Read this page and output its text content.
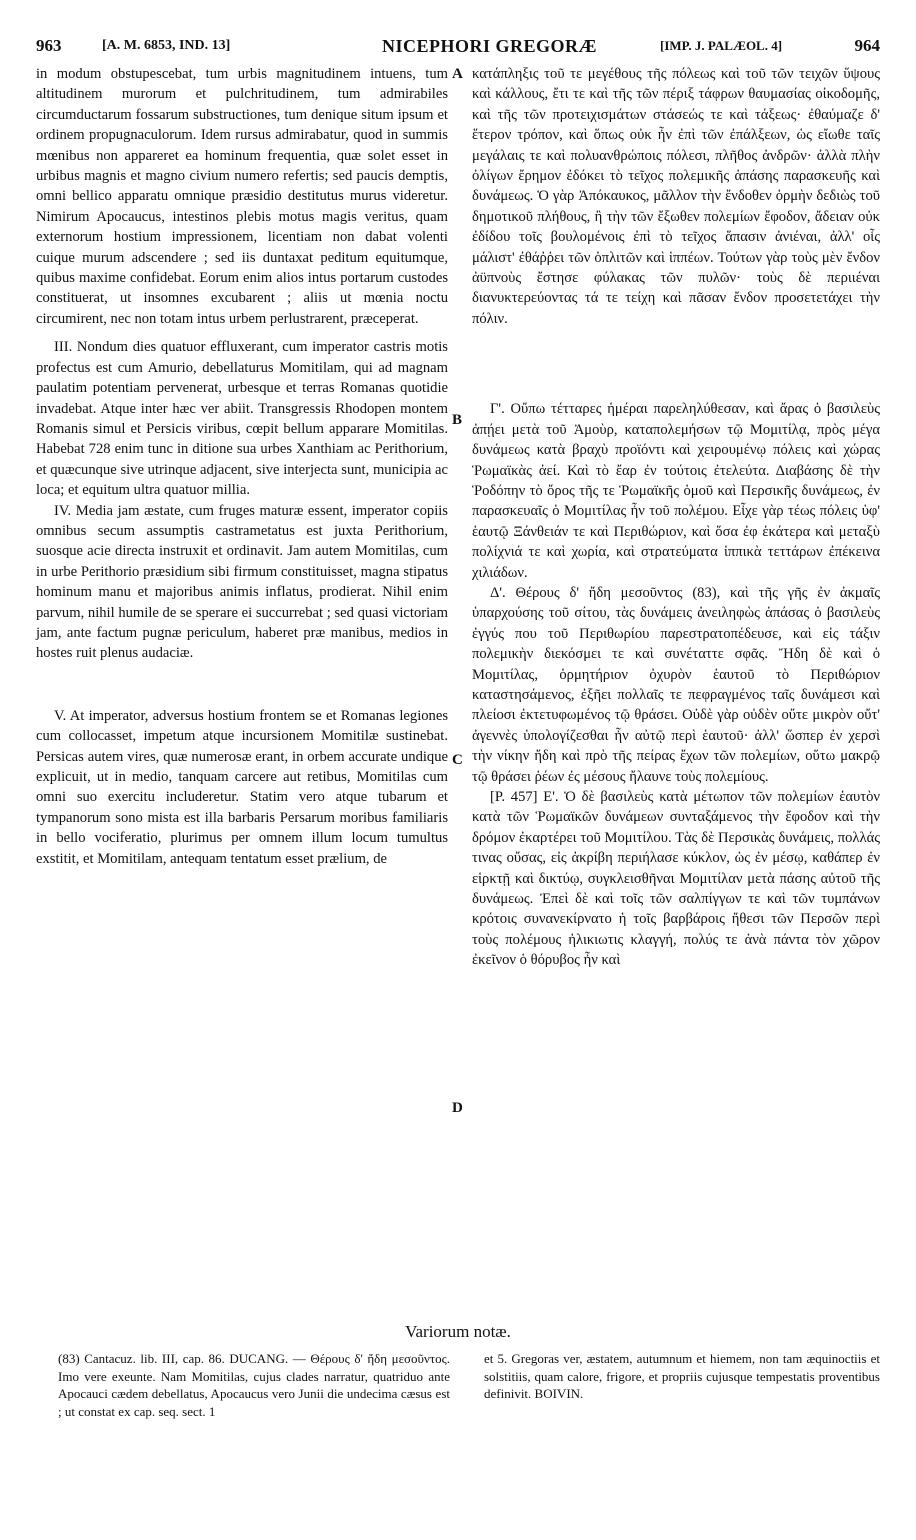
963	[A. M. 6853, IND. 13]	NICEPHORI GREGORÆ	[IMP. J. PALÆOL. 4]	964

in modum obstupescebat, tum urbis magnitudinem intuens, tum altitudinem murorum et pulchritudinem, tum admirabiles circumductarum fossarum substructiones, tum denique situm ipsum et ordinem propugnaculorum. Idem rursus admirabatur, quod in summis mœnibus non appareret ea hominum frequentia, quæ solet esset in urbibus magnis et magno civium numero refertis; sed paucis demptis, omni bellico apparatu omnique præsidio destitutus murus videretur. Nimirum Apocaucus, intestinos plebis motus magis veritus, quam externorum hostium impressionem, licentiam non dabat volenti cuique murum adscendere ; sed iis duntaxat peditum equitumque, quibus maxime confidebat. Eorum enim alios intus portarum custodes constituerat, ut insomnes excubarent ; aliis ut mœnia noctu circumirent, nec non totam intus urbem perlustrarent, præceperat.

III. Nondum dies quatuor effluxerant, cum imperator castris motis profectus est cum Amurio, debellaturus Momitilam, qui ad magnam paulatim potentiam pervenerat, urbesque et terras Romanas quotidie invadebat. Atque inter hæc ver abiit. Transgressis Rhodopen montem Romanis simul et Persicis viribus, cœpit bellum apparare Momitilas. Habebat 728 enim tunc in ditione sua urbes Xanthiam ac Perithorium, et quæcunque sive utrinque adjacent, sive interjecta sunt, municipia ac loca; et equitum ultra quatuor millia.

IV. Media jam æstate, cum fruges maturæ essent, imperator copiis omnibus secum assumptis castrametatus est juxta Perithorium, suosque acie directa instruxit et ordinavit. Jam autem Momitilas, cum in urbe Perithorio præsidium sibi firmum constituisset, magna stipatus hominum manu et majoribus animis inflatus, prodierat. Nihil enim parvum, nihil humile de se sperare ei succurrebat ; sed quasi victoriam jam, ante factum pugnæ periculum, haberet præ manibus, medios in hostes ruit plenus audaciæ.

V. At imperator, adversus hostium frontem se et Romanas legiones cum collocasset, impetum atque incursionem Momitilæ sustinebat. Persicas autem vires, quæ numerosæ erant, in orbem accurate undique explicuit, ut in medio, tanquam carcere aut retibus, Momitilas cum omni suo exercitu includeretur. Statim vero atque tubarum et tympanorum sono mista est illa barbaris Persarum moribus familiaris in bello vociferatio, plurimus per omnem illum locum tumultus exstitit, et Momitilam, antequam tentatum esset prælium, de

A
B
C
D

κατάπληξις τοῦ τε μεγέθους τῆς πόλεως καὶ τοῦ τῶν τειχῶν ὕψους καὶ κάλλους, ἔτι τε καὶ τῆς τῶν πέριξ τάφρων θαυμασίας οἰκοδομῆς, καὶ τῆς τῶν προτειχισμάτων στάσεώς τε καὶ τάξεως· ἐθαύμαζε δ' ἕτερον τρόπον, καὶ ὅπως οὐκ ἦν ἐπὶ τῶν ἐπάλξεων, ὡς εἴωθε ταῖς μεγάλαις τε καὶ πολυανθρώποις πόλεσι, πλῆθος ἀνδρῶν· ἀλλὰ πλὴν ὀλίγων ἔρημον ἐδόκει τὸ τεῖχος πολεμικῆς ἁπάσης παρασκευῆς καὶ δυνάμεως. Ὁ γὰρ Ἀπόκαυκος, μᾶλλον τὴν ἔνδοθεν ὁρμὴν δεδιὼς τοῦ δημοτικοῦ πλήθους, ἢ τὴν τῶν ἔξωθεν πολεμίων ἔφοδον, ἄδειαν οὐκ ἐδίδου τοῖς βουλομένοις ἐπὶ τὸ τεῖχος ἅπασιν ἀνιέναι, ἀλλ' οἷς μάλιστ' ἐθάῤῥει τῶν ὁπλιτῶν καὶ ἱππέων. Τούτων γὰρ τοὺς μὲν ἔνδον ἀϋπνοὺς ἔστησε φύλακας τῶν πυλῶν· τοὺς δὲ περιιέναι διανυκτερεύοντας τά τε τείχη καὶ πᾶσαν ἔνδον προσετετάχει τὴν πόλιν.

Γ'. Οὔπω τέτταρες ἡμέραι παρεληλύθεσαν, καὶ ἄρας ὁ βασιλεὺς ἀπῄει μετὰ τοῦ Ἀμοὺρ, καταπολεμήσων τῷ Μομιτίλᾳ, πρὸς μέγα δυνάμεως κατὰ βραχὺ προϊόντι καὶ χειρουμένῳ πόλεις καὶ χώρας Ῥωμαϊκὰς ἀεί. Καὶ τὸ ἔαρ ἐν τούτοις ἐτελεύτα. Διαβάσης δὲ τὴν Ῥοδόπην τὸ ὄρος τῆς τε Ῥωμαϊκῆς ὁμοῦ καὶ Περσικῆς δυνάμεως, ἐν παρασκευαῖς ὁ Μομιτίλας ἦν τοῦ πολέμου. Εἶχε γὰρ τέως πόλεις ὑφ' ἑαυτῷ Ξάνθειάν τε καὶ Περιθώριον, καὶ ὅσα ἐφ ἑκάτερα καὶ μεταξὺ πολίχνιά τε καὶ χωρία, καὶ στρατεύματα ἱππικὰ τεττάρων ἐπέκεινα χιλιάδων.

Δ'. Θέρους δ' ἤδη μεσοῦντος (83), καὶ τῆς γῆς ἐν ἀκμαῖς ὑπαρχούσης τοῦ σίτου, τὰς δυνάμεις ἀνειληφὼς ἁπάσας ὁ βασιλεὺς ἐγγύς που τοῦ Περιθωρίου παρεστρατοπέδευσε, καὶ εἰς τάξιν πολεμικὴν διεκόσμει τε καὶ συνέταττε σφᾶς. Ἤδη δὲ καὶ ὁ Μομιτίλας, ὁρμητήριον ὀχυρὸν ἑαυτοῦ τὸ Περιθώριον καταστησάμενος, ἐξῆει πολλαῖς τε πεφραγμένος ταῖς δυνάμεσι καὶ πλείοσι ἐκτετυφωμένος τῷ θράσει. Οὐδὲ γὰρ οὐδὲν οὔτε μικρὸν οὔτ' ἀγεννὲς ὑπολογίζεσθαι ἦν αὐτῷ περὶ ἑαυτοῦ· ἀλλ' ὥσπερ ἐν χερσὶ τὴν νίκην ἤδη καὶ πρὸ τῆς πείρας ἔχων τῶν πολεμίων, οὕτω μακρῷ τῷ θράσει ῥέων ἐς μέσους ἤλαυνε τοὺς πολεμίους.

[P. 457] Ε'. Ὁ δὲ βασιλεὺς κατὰ μέτωπον τῶν πολεμίων ἑαυτὸν κατὰ τῶν Ῥωμαϊκῶν δυνάμεων συνταξάμενος τὴν ἔφοδον καὶ τὴν δρόμον ἐκαρτέρει τοῦ Μομιτίλου. Τὰς δὲ Περσικὰς δυνάμεις, πολλάς τινας οὔσας, εἰς ἀκρίβη περιήλασε κύκλον, ὡς ἐν μέσῳ, καθάπερ ἐν εἱρκτῇ καὶ δικτύῳ, συγκλεισθῆναι Μομιτίλαν μετὰ πάσης αὐτοῦ τῆς δυνάμεως. Ἐπεὶ δὲ καὶ τοῖς τῶν σαλπίγγων τε καὶ τῶν τυμπάνων κρότοις συνανεκίρνατο ἡ τοῖς βαρβάροις ἤθεσι τῶν Περσῶν περὶ τοὺς πολέμους ἠλικιωτις κλαγγή, πολύς τε ἀνὰ πάντα τὸν χῶρον ἐκεῖνον ὁ θόρυβος ἦν καὶ

Variorum notæ.

(83) Cantacuz. lib. III, cap. 86. DUCANG. — Θέρους δ' ἤδη μεσοῦντος. Imo vere exeunte. Nam Momitilas, cujus clades narratur, quatriduo ante Apocauci cædem debellatus, Apocaucus vero Junii die undecima cæsus est ; ut constat ex cap. seq. sect. 1

et 5. Gregoras ver, æstatem, autumnum et hiemem, non tam æquinoctiis et solstitiis, quam calore, frigore, et propriis cujusque tempestatis proventibus definivit. BOIVIN.
